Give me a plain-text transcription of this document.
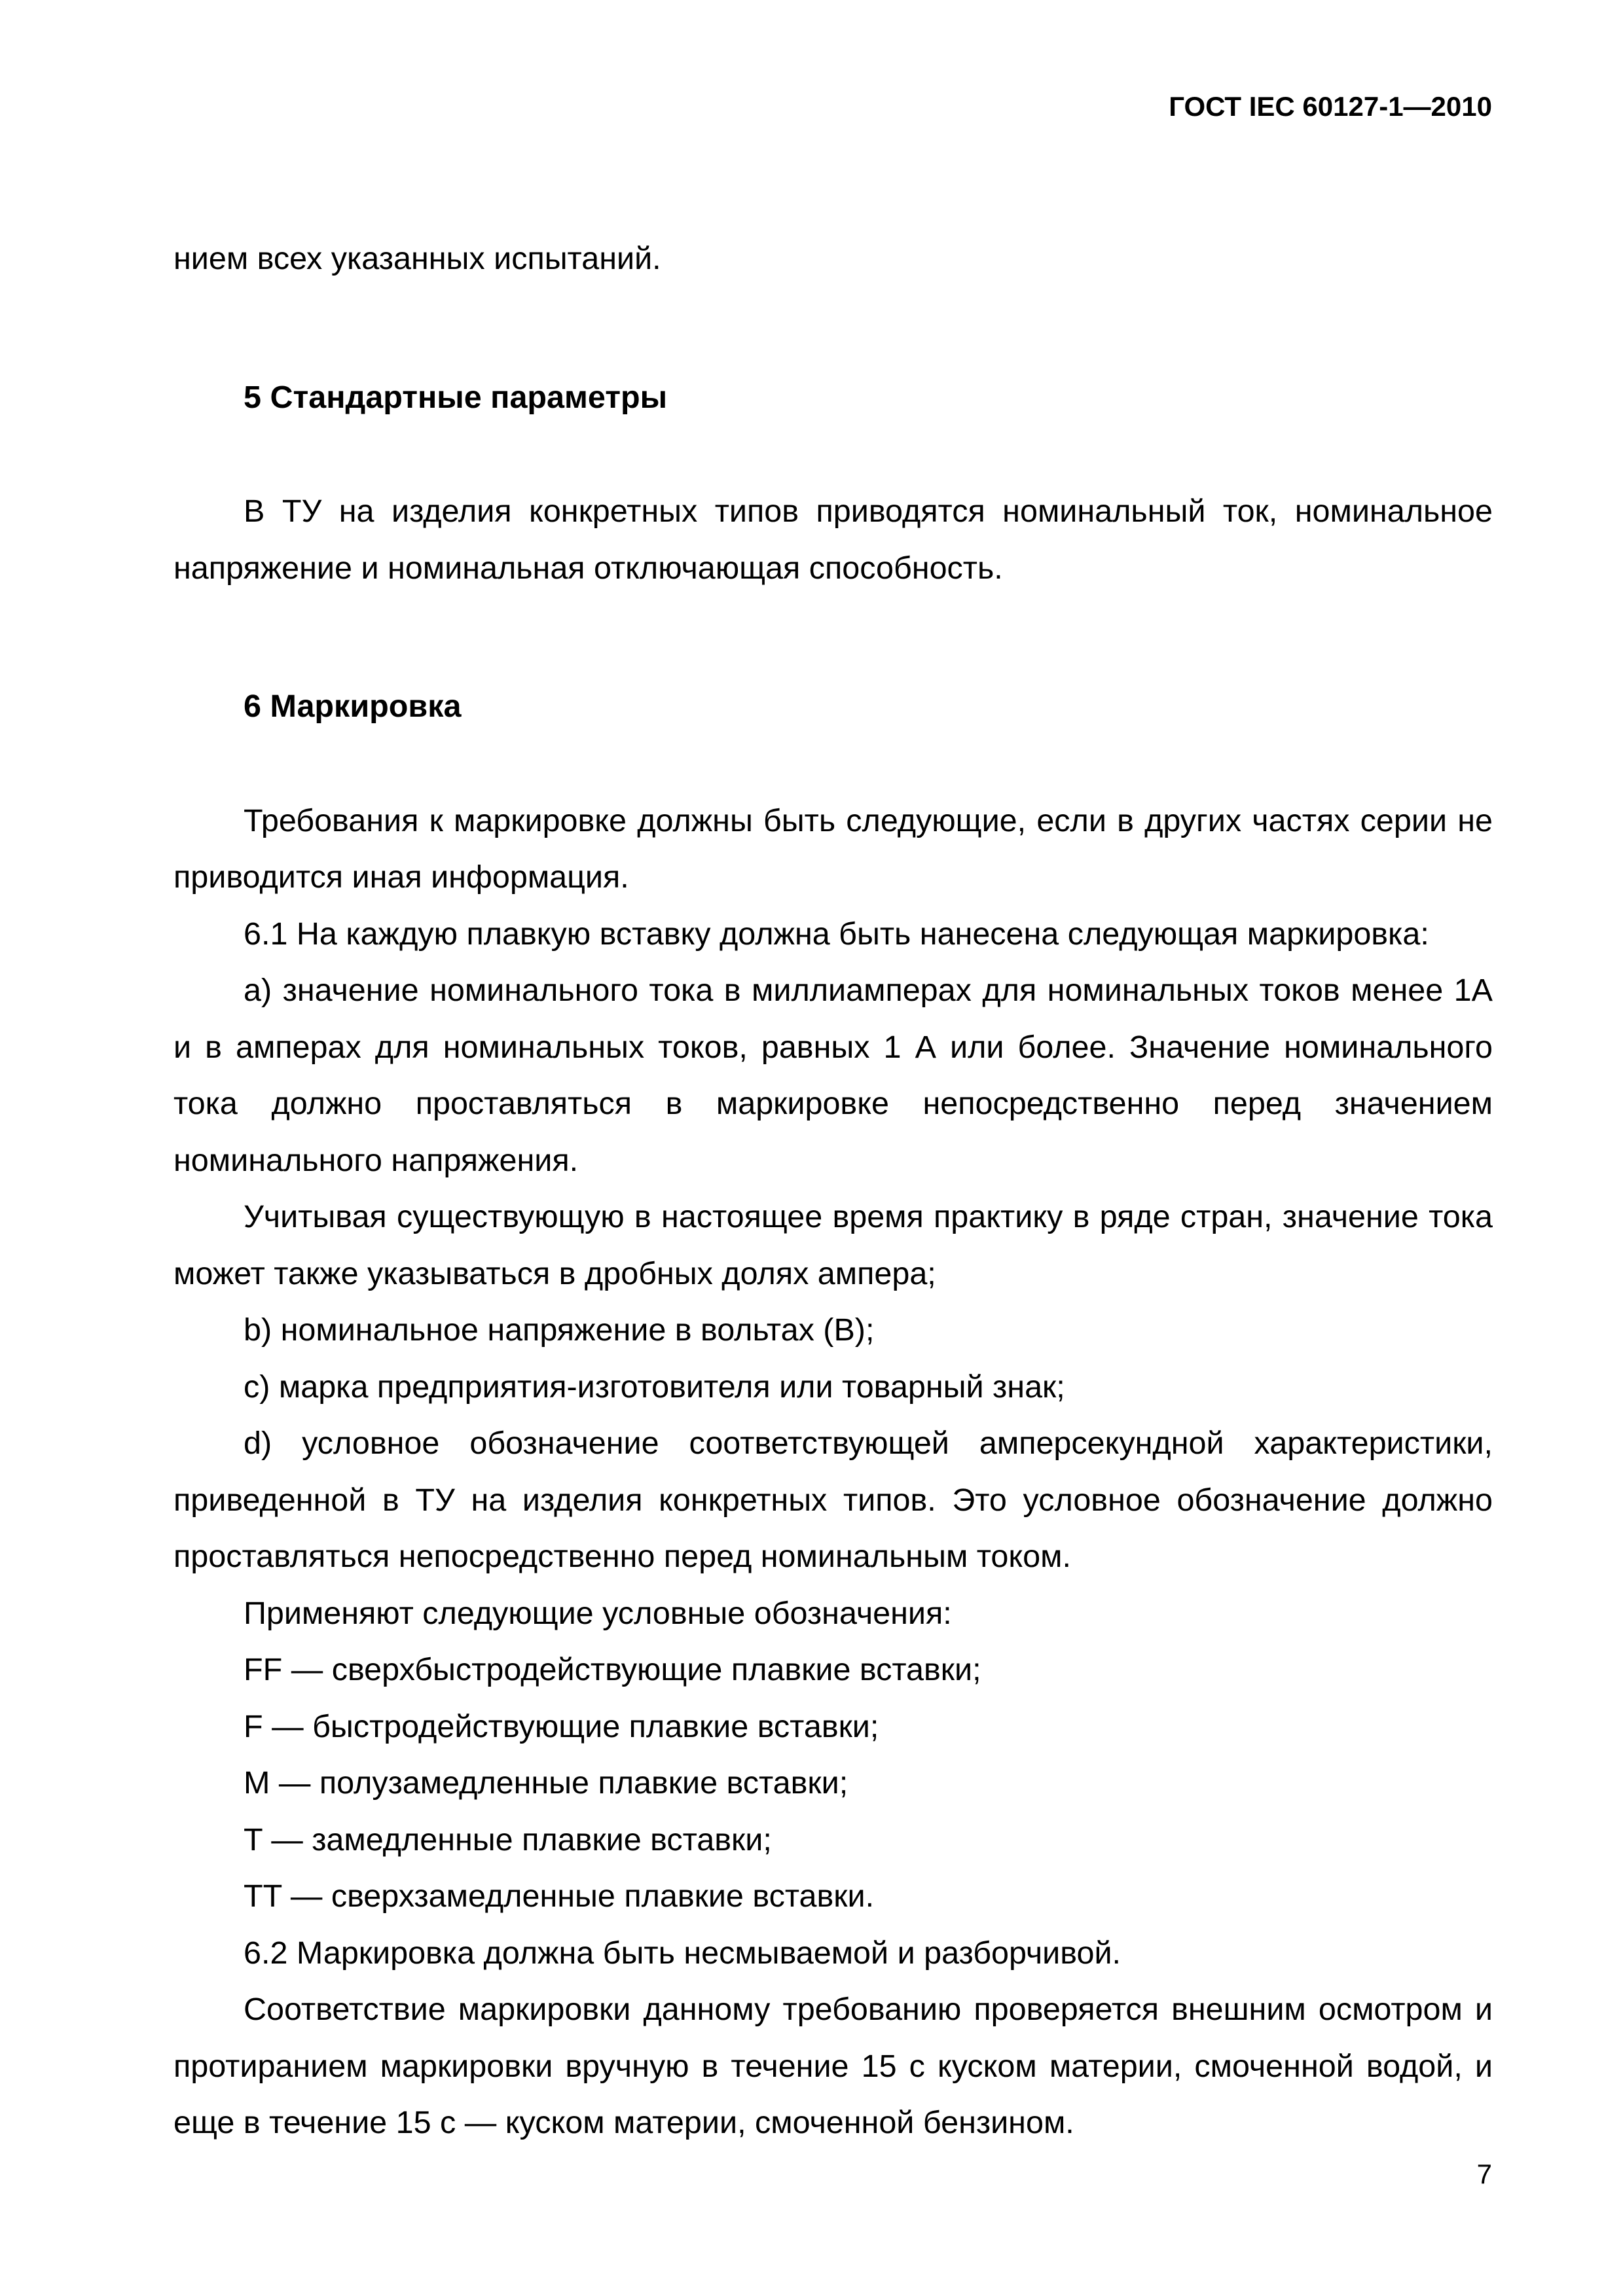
ГОСТ IEC 60127-1—2010

нием всех указанных испытаний.

5 Стандартные параметры

В ТУ на изделия конкретных типов приводятся номинальный ток, номинальное напряжение и номинальная отключающая способность.

6 Маркировка

Требования к маркировке должны быть следующие, если в других частях серии не приводится иная информация.

6.1 На каждую плавкую вставку должна быть нанесена следующая маркировка:

a) значение номинального тока в миллиамперах для номинальных токов менее 1А и в амперах для номинальных токов, равных 1 А или более. Значение номинального тока должно проставляться в маркировке непосредственно перед значением номинального напряжения.

Учитывая существующую в настоящее время практику в ряде стран, значение тока может также указываться в дробных долях ампера;

b) номинальное напряжение в вольтах (В);

c) марка предприятия-изготовителя или товарный знак;

d) условное обозначение соответствующей амперсекундной характеристики, приведенной в ТУ на изделия конкретных типов. Это условное обозначение должно проставляться непосредственно перед номинальным током.

Применяют следующие условные обозначения:

FF — сверхбыстродействующие плавкие вставки;

F — быстродействующие плавкие вставки;

M — полузамедленные плавкие вставки;

T — замедленные плавкие вставки;

TT — сверхзамедленные плавкие вставки.

6.2 Маркировка должна быть несмываемой и разборчивой.

Соответствие маркировки данному требованию проверяется внешним осмотром и протиранием маркировки вручную в течение 15 с куском материи, смоченной водой, и еще в течение 15 с — куском материи, смоченной бензином.

7
